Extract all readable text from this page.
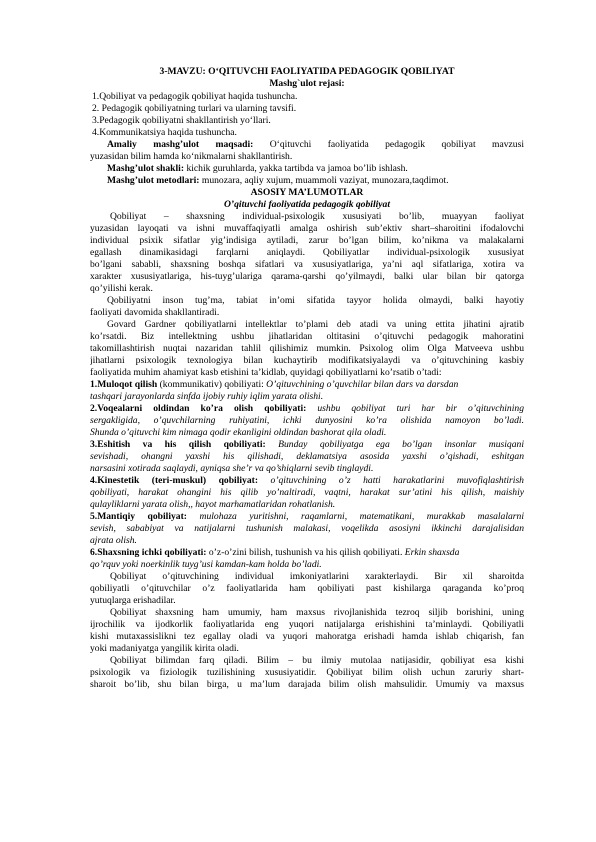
3-MAVZU: O‘QITUVCHI FAOLIYATIDA PEDAGOGIK QOBILIYAT
Mashg`ulot rejasi:
1.Qobiliyat va pedagogik qobiliyat haqida tushuncha.
2. Pedagogik qobiliyatning turlari va ularning tavsifi.
3.Pedagogik qobiliyatni shakllantirish yo‘llari.
4.Kommunikatsiya haqida tushuncha.
Amaliy mashg’ulot maqsadi: O‘qituvchi faoliyatida pedagogik qobiliyat mavzusi
yuzasidan bilim hamda ko‘nikmalarni shakllantirish.
Mashg’ulot shakli: kichik guruhlarda, yakka tartibda va jamoa bo’lib ishlash.
Mashg’ulot metodlari: munozara, aqliy xujum, muammoli vaziyat, munozara,taqdimot.
ASOSIY MA’LUMOTLAR
O’qituvchi faoliyatida pedagogik qobiliyat
Qobiliyat – shaxsning individual-psixologik xususiyati bo’lib, muayyan faoliyat
yuzasidan layoqati va ishni muvaffaqiyatli amalga oshirish sub’ektiv shart–sharoitini ifodalovchi
individual psixik sifatlar yig’indisiga aytiladi, zarur bo’lgan bilim, ko’nikma va malakalarni
egallash dinamikasidagi farqlarni aniqlaydi. Qobiliyatlar individual-psixologik xususiyat
bo’lgani sababli, shaxsning boshqa sifatlari va xususiyatlariga, ya’ni aql sifatlariga, xotira va
xarakter xususiyatlariga, his-tuyg’ulariga qarama-qarshi qo’yilmaydi, balki ular bilan bir qatorga
qo’yilishi kerak.
Qobiliyatni inson tug’ma, tabiat in’omi sifatida tayyor holida olmaydi, balki hayotiy
faoliyati davomida shakllantiradi.
Govard Gardner qobiliyatlarni intellektlar to’plami deb atadi va uning ettita jihatini ajratib
ko’rsatdi. Biz intellektning ushbu jihatlaridan oltitasini o’qituvchi pedagogik mahoratini
takomillashtirish nuqtai nazaridan tahlil qilishimiz mumkin. Psixolog olim Olga Matveeva ushbu
jihatlarni psixologik texnologiya bilan kuchaytirib modifikatsiyalaydi va o’qituvchining kasbiy
faoliyatida muhim ahamiyat kasb etishini ta’kidlab, quyidagi qobiliyatlarni ko’rsatib o’tadi:
1.Muloqot qilish (kommunikativ) qobiliyati: O’qituvchining o’quvchilar bilan dars va darsdan
tashqari jarayonlarda sinfda ijobiy ruhiy iqlim yarata olishi.
2.Voqealarni oldindan ko’ra olish qobiliyati: ushbu qobiliyat turi har bir o’qituvchining
sergakligida, o’quvchilarning ruhiyatini, ichki dunyosini ko’ra olishida namoyon bo’ladi.
Shunda o’qituvchi kim nimaga qodir ekanligini oldindan bashorat qila oladi.
3.Eshitish va his qilish qobiliyati: Bunday qobiliyatga ega bo’lgan insonlar musiqani
sevishadi, ohangni yaxshi his qilishadi, deklamatsiya asosida yaxshi o’qishadi, eshitgan
narsasini xotirada saqlaydi, ayniqsa she’r va qo’shiqlarni sevib tinglaydi.
4.Kinestetik (teri-muskul) qobiliyat: o’qituvchining o’z hatti harakatlarini muvofiqlashtirish
qobiliyati, harakat ohangini his qilib yo’naltiradi, vaqtni, harakat sur’atini his qilish, maishiy
qulayliklarni yarata olish,, hayot marhamatlaridan rohatlanish.
5.Mantiqiy qobiliyat: mulohaza yuritishni, raqamlarni, matematikani, murakkab masalalarni
sevish, sababiyat va natijalarni tushunish malakasi, voqelikda asosiyni ikkinchi darajalisidan
ajrata olish.
6.Shaxsning ichki qobiliyati: o’z-o’zini bilish, tushunish va his qilish qobiliyati. Erkin shaxsda
qo’rquv yoki noerkinlik tuyg’usi kamdan-kam holda bo’ladi.
Qobiliyat o’qituvchining individual imkoniyatlarini xarakterlaydi. Bir xil sharoitda
qobiliyatli o’qituvchilar o’z faoliyatlarida ham qobiliyati past kishilarga qaraganda ko’proq
yutuqlarga erishadilar.
Qobiliyat shaxsning ham umumiy, ham maxsus rivojlanishida tezroq siljib borishini, uning
ijrochilik va ijodkorlik faoliyatlarida eng yuqori natijalarga erishishini ta’minlaydi. Qobiliyatli
kishi mutaxassislikni tez egallay oladi va yuqori mahoratga erishadi hamda ishlab chiqarish, fan
yoki madaniyatga yangilik kirita oladi.
Qobiliyat bilimdan farq qiladi. Bilim – bu ilmiy mutolaa natijasidir, qobiliyat esa kishi
psixologik va fiziologik tuzilishining xususiyatidir. Qobiliyat bilim olish uchun zaruriy shart-
sharoit bo’lib, shu bilan birga, u ma’lum darajada bilim olish mahsulidir. Umumiy va maxsus
